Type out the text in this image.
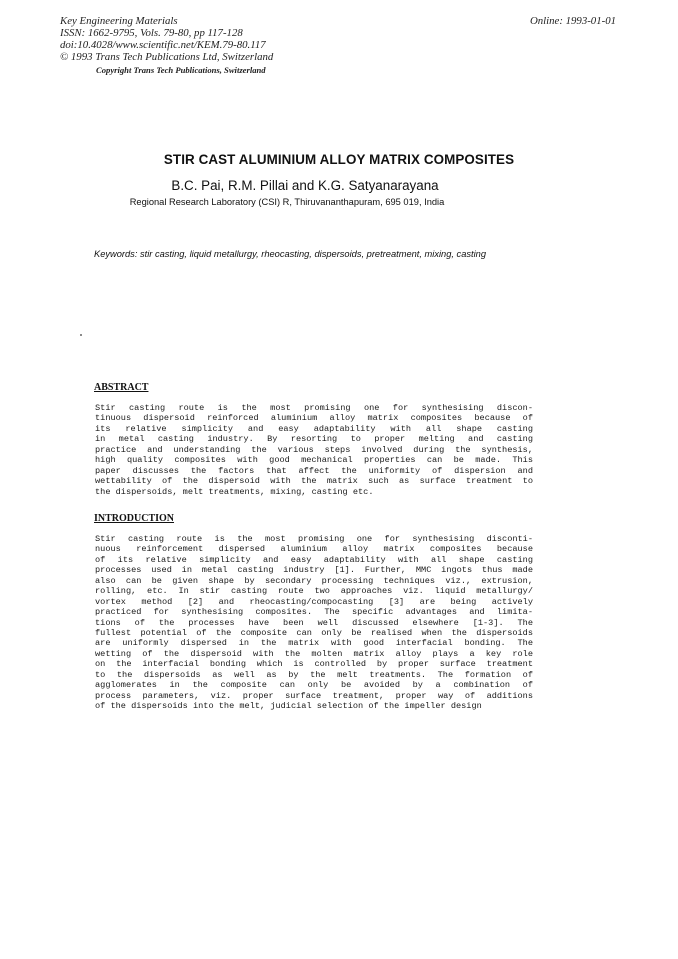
Key Engineering Materials
ISSN: 1662-9795, Vols. 79-80, pp 117-128
doi:10.4028/www.scientific.net/KEM.79-80.117
© 1993 Trans Tech Publications Ltd, Switzerland
Online: 1993-01-01
Copyright Trans Tech Publications, Switzerland
STIR CAST ALUMINIUM ALLOY MATRIX COMPOSITES
B.C. Pai, R.M. Pillai and K.G. Satyanarayana
Regional Research Laboratory (CSI) R, Thiruvananthapuram, 695 019, India
Keywords: stir casting, liquid metallurgy, rheocasting, dispersoids, pretreatment, mixing, casting
ABSTRACT
Stir casting route is the most promising one for synthesising discon-
tinuous dispersoid reinforced aluminium alloy matrix composites because of
its relative simplicity and easy adaptability with all shape casting
in metal casting industry. By resorting to proper melting and casting
practice and understanding the various steps involved during the synthesis,
high quality composites with good mechanical properties can be made. This
paper discusses the factors that affect the uniformity of dispersion and
wettability of the dispersoid with the matrix such as surface treatment to
the dispersoids, melt treatments, mixing, casting etc.
INTRODUCTION
Stir casting route is the most promising one for synthesising disconti-
nuous reinforcement dispersed aluminium alloy matrix composites because
of its relative simplicity and easy adaptability with all shape casting
processes used in metal casting industry [1]. Further, MMC ingots thus made
also can be given shape by secondary processing techniques viz., extrusion,
rolling, etc. In stir casting route two approaches viz. liquid metallurgy/
vortex method [2] and rheocasting/compocasting [3] are being actively
practiced for synthesising composites. The specific advantages and limita-
tions of the processes have been well discussed elsewhere [1-3]. The
fullest potential of the composite can only be realised when the dispersoids
are uniformly dispersed in the matrix with good interfacial bonding. The
wetting of the dispersoid with the molten matrix alloy plays a key role
on the interfacial bonding which is controlled by proper surface treatment
to the dispersoids as well as by the melt treatments. The formation of
agglomerates in the composite can only be avoided by a combination of
process parameters, viz. proper surface treatment, proper way of additions
of the dispersoids into the melt, judicial selection of the impeller design
